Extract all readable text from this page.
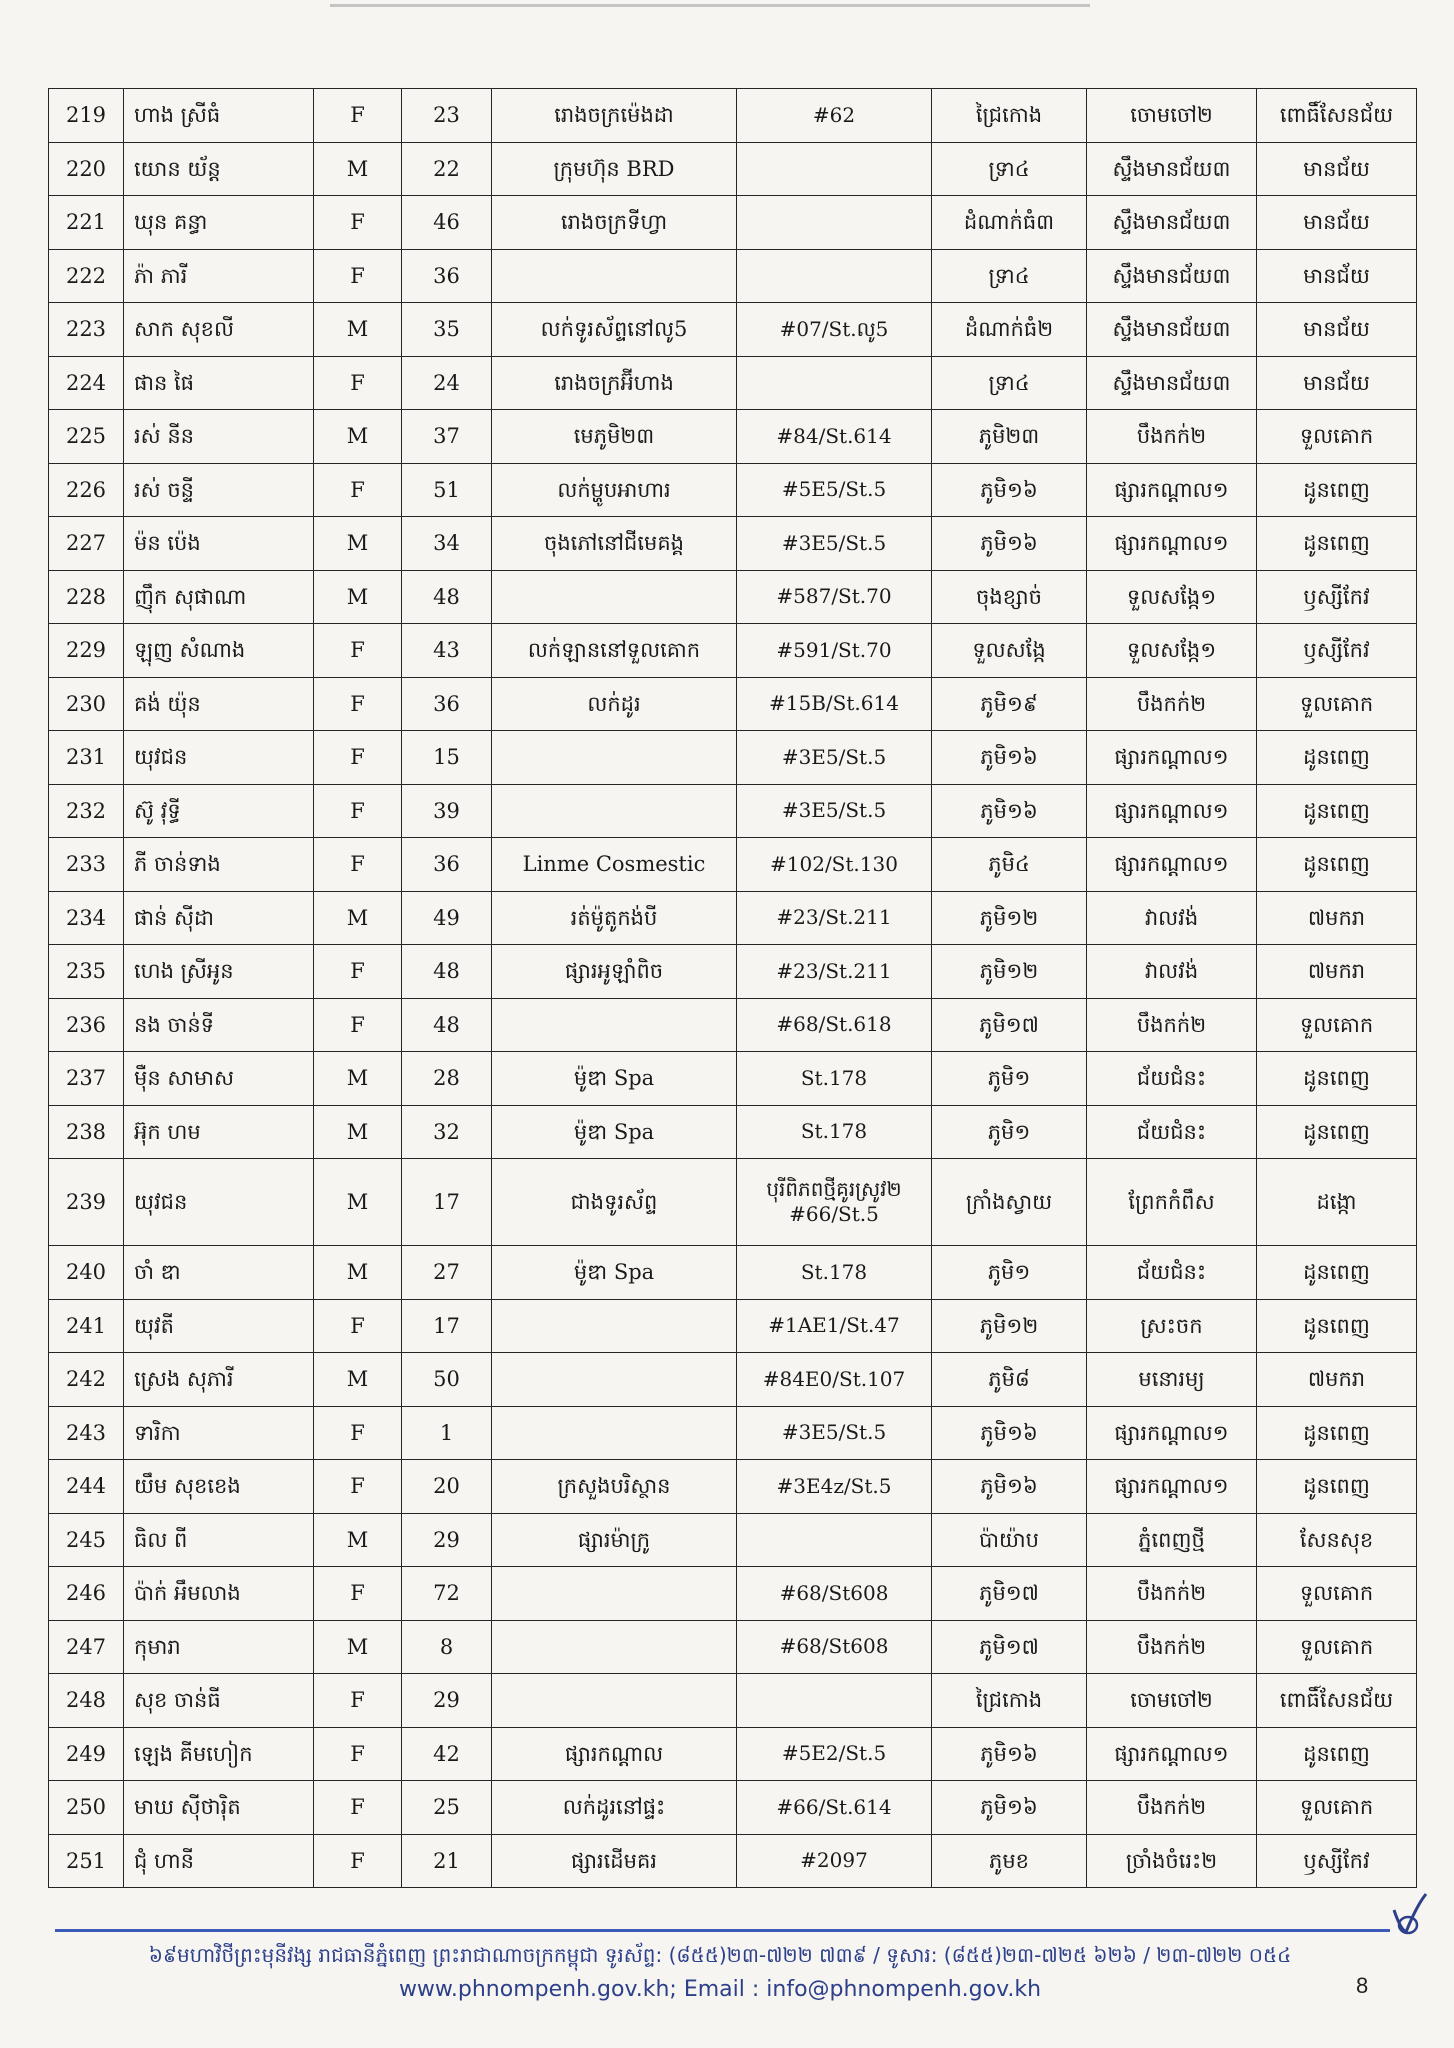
219	ហាង ស្រីធំ	F	23	រោងចក្រម៉េងដា	#62	ជ្រៃកោង	ចោមចៅ២	ពោធិ៍សែនជ័យ
220	យោន យ័ន្ត	M	22	ក្រុមហ៊ុន BRD		ទ្រា៤	ស្ទឹងមានជ័យ៣	មានជ័យ
221	ឃុន គន្ធា	F	46	រោងចក្រទីហ្វា		ដំណាក់ធំ៣	ស្ទឹងមានជ័យ៣	មានជ័យ
222	ភ៉ា ភារី	F	36			ទ្រា៤	ស្ទឹងមានជ័យ៣	មានជ័យ
223	សាក សុខលី	M	35	លក់ទូរស័ព្ទនៅលូ5	#07/St.លូ5	ដំណាក់ធំ២	ស្ទឹងមានជ័យ៣	មានជ័យ
224	ផាន ផៃ	F	24	រោងចក្រអ៊ីហាង		ទ្រា៤	ស្ទឹងមានជ័យ៣	មានជ័យ
225	រស់ នីន	M	37	មេភូមិ២៣	#84/St.614	ភូមិ២៣	បឹងកក់២	ទួលគោក
226	រស់ ចន្ទី	F	51	លក់ម្ហូបអាហារ	#5E5/St.5	ភូមិ១៦	ផ្សារកណ្តាល១	ដូនពេញ
227	ម៉ន ប៉េង	M	34	ចុងភៅនៅជីមេគង្គ	#3E5/St.5	ភូមិ១៦	ផ្សារកណ្តាល១	ដូនពេញ
228	ញ៉ឹក សុផាណា	M	48		#587/St.70	ចុងខ្សាច់	ទួលសង្កែ១	ឫស្សីកែវ
229	ឡុញ សំណាង	F	43	លក់ឡាននៅទួលគោក	#591/St.70	ទួលសង្កែ	ទួលសង្កែ១	ឫស្សីកែវ
230	គង់ យ៉ុន	F	36	លក់ដូរ	#15B/St.614	ភូមិ១៩	បឹងកក់២	ទួលគោក
231	យុវជន	F	15		#3E5/St.5	ភូមិ១៦	ផ្សារកណ្តាល១	ដូនពេញ
232	ស៊ូ វុទ្ធី	F	39		#3E5/St.5	ភូមិ១៦	ផ្សារកណ្តាល១	ដូនពេញ
233	ភី ចាន់ទាង	F	36	Linme Cosmestic	#102/St.130	ភូមិ៤	ផ្សារកណ្តាល១	ដូនពេញ
234	ផាន់ ស៊ីដា	M	49	រត់ម៉ូតូកង់បី	#23/St.211	ភូមិ១២	វាលវង់	៧មករា
235	ហេង ស្រីអូន	F	48	ផ្សារអូឡាំពិច	#23/St.211	ភូមិ១២	វាលវង់	៧មករា
236	នង ចាន់ទី	F	48		#68/St.618	ភូមិ១៧	បឹងកក់២	ទួលគោក
237	ម៉ឺន សាមាស	M	28	ម៉ូឌា Spa	St.178	ភូមិ១	ជ័យជំនះ	ដូនពេញ
238	អ៊ុក ហម	M	32	ម៉ូឌា Spa	St.178	ភូមិ១	ជ័យជំនះ	ដូនពេញ
239	យុវជន	M	17	ជាងទូរស័ព្ទ	បុរីពិភពថ្មីគូរស្រូវ២ #66/St.5	ក្រាំងស្វាយ	ព្រែកកំពឹស	ដង្កោ
240	ចាំ ឌា	M	27	ម៉ូឌា Spa	St.178	ភូមិ១	ជ័យជំនះ	ដូនពេញ
241	យុវតី	F	17		#1AE1/St.47	ភូមិ១២	ស្រះចក	ដូនពេញ
242	ស្រេង សុភារី	M	50		#84E0/St.107	ភូមិ៨	មនោរម្យ	៧មករា
243	ទារិកា	F	1		#3E5/St.5	ភូមិ១៦	ផ្សារកណ្តាល១	ដូនពេញ
244	យឹម សុខខេង	F	20	ក្រសួងបរិស្ថាន	#3E4z/St.5	ភូមិ១៦	ផ្សារកណ្តាល១	ដូនពេញ
245	ធិល ពី	M	29	ផ្សារម៉ាក្រូ		ប៉ាយ៉ាប	ភ្នំពេញថ្មី	សែនសុខ
246	ប៉ាក់ អឹមលាង	F	72		#68/St608	ភូមិ១៧	បឹងកក់២	ទួលគោក
247	កុមារា	M	8		#68/St608	ភូមិ១៧	បឹងកក់២	ទួលគោក
248	សុខ ចាន់ធី	F	29			ជ្រៃកោង	ចោមចៅ២	ពោធិ៍សែនជ័យ
249	ឡេង គីមហៀក	F	42	ផ្សារកណ្តាល	#5E2/St.5	ភូមិ១៦	ផ្សារកណ្តាល១	ដូនពេញ
250	មាឃ ស៊ីថារ៉ិត	F	25	លក់ដូរនៅផ្ទះ	#66/St.614	ភូមិ១៦	បឹងកក់២	ទួលគោក
251	ជុំ ហានី	F	21	ផ្សារដើមគរ	#2097	ភូមខ	ច្រាំងចំរេះ២	ឫស្សីកែវ
៦៩មហាវិថីព្រះមុនីវង្ស រាជធានីភ្នំពេញ ព្រះរាជាណាចក្រកម្ពុជា ទូរស័ព្ទ: (៨៥៥)២៣-៧២២ ៧៣៩ / ទូសារ: (៨៥៥)២៣-៧២៥ ៦២៦ / ២៣-៧២២ ០៥៤
www.phnompenh.gov.kh; Email : info@phnompenh.gov.kh	8
